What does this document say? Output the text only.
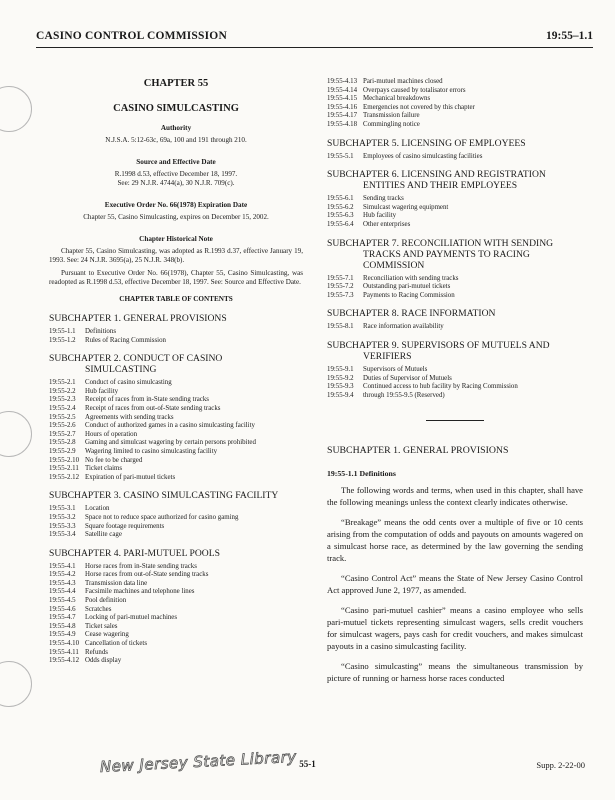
CASINO CONTROL COMMISSION	19:55–1.1
CHAPTER 55
CASINO SIMULCASTING
Authority
N.J.S.A. 5:12-63c, 69a, 100 and 191 through 210.
Source and Effective Date
R.1998 d.53, effective December 18, 1997.
See: 29 N.J.R. 4744(a), 30 N.J.R. 709(c).
Executive Order No. 66(1978) Expiration Date
Chapter 55, Casino Simulcasting, expires on December 15, 2002.
Chapter Historical Note

Chapter 55, Casino Simulcasting, was adopted as R.1993 d.37, effective January 19, 1993. See: 24 N.J.R. 3695(a), 25 N.J.R. 348(b).

Pursuant to Executive Order No. 66(1978), Chapter 55, Casino Simulcasting, was readopted as R.1998 d.53, effective December 18, 1997. See: Source and Effective Date.

CHAPTER TABLE OF CONTENTS
SUBCHAPTER 1. GENERAL PROVISIONS
19:55-1.1	Definitions
19:55-1.2	Rules of Racing Commission
SUBCHAPTER 2. CONDUCT OF CASINO
SIMULCASTING
19:55-2.1	Conduct of casino simulcasting
19:55-2.2	Hub facility
19:55-2.3	Receipt of races from in-State sending tracks
19:55-2.4	Receipt of races from out-of-State sending tracks
19:55-2.5	Agreements with sending tracks
19:55-2.6	Conduct of authorized games in a casino simulcasting facility
19:55-2.7	Hours of operation
19:55-2.8	Gaming and simulcast wagering by certain persons prohibited
19:55-2.9	Wagering limited to casino simulcasting facility
19:55-2.10 No fee to be charged
19:55-2.11 Ticket claims
19:55-2.12 Expiration of pari-mutuel tickets
SUBCHAPTER 3. CASINO SIMULCASTING FACILITY
19:55-3.1	Location
19:55-3.2	Space not to reduce space authorized for casino gaming
19:55-3.3	Square footage requirements
19:55-3.4	Satellite cage
SUBCHAPTER 4. PARI-MUTUEL POOLS
19:55-4.1	Horse races from in-State sending tracks
19:55-4.2	Horse races from out-of-State sending tracks
19:55-4.3	Transmission data line
19:55-4.4	Facsimile machines and telephone lines
19:55-4.5	Pool definition
19:55-4.6	Scratches
19:55-4.7	Locking of pari-mutuel machines
19:55-4.8	Ticket sales
19:55-4.9	Cease wagering
19:55-4.10 Cancellation of tickets
19:55-4.11 Refunds
19:55-4.12 Odds display
19:55-4.13 Pari-mutuel machines closed
19:55-4.14 Overpays caused by totalisator errors
19:55-4.15 Mechanical breakdowns
19:55-4.16 Emergencies not covered by this chapter
19:55-4.17 Transmission failure
19:55-4.18 Commingling notice
SUBCHAPTER 5. LICENSING OF EMPLOYEES
19:55-5.1	Employees of casino simulcasting facilities
SUBCHAPTER 6. LICENSING AND REGISTRATION
ENTITIES AND THEIR EMPLOYEES
19:55-6.1	Sending tracks
19:55-6.2	Simulcast wagering equipment
19:55-6.3	Hub facility
19:55-6.4	Other enterprises
SUBCHAPTER 7. RECONCILIATION WITH SENDING
TRACKS AND PAYMENTS TO RACING
COMMISSION
19:55-7.1	Reconciliation with sending tracks
19:55-7.2	Outstanding pari-mutuel tickets
19:55-7.3	Payments to Racing Commission
SUBCHAPTER 8. RACE INFORMATION
19:55-8.1	Race information availability
SUBCHAPTER 9. SUPERVISORS OF MUTUELS AND
VERIFIERS
19:55-9.1	Supervisors of Mutuels
19:55-9.2	Duties of Supervisor of Mutuels
19:55-9.3	Continued access to hub facility by Racing Commission
19:55-9.4	through 19:55-9.5 (Reserved)
SUBCHAPTER 1. GENERAL PROVISIONS
19:55-1.1 Definitions

The following words and terms, when used in this chapter, shall have the following meanings unless the context clearly indicates otherwise.

“Breakage” means the odd cents over a multiple of five or 10 cents arising from the computation of odds and payouts on amounts wagered on a simulcast horse race, as determined by the law governing the sending track.

“Casino Control Act” means the State of New Jersey Casino Control Act approved June 2, 1977, as amended.

“Casino pari-mutuel cashier” means a casino employee who sells pari-mutuel tickets representing simulcast wagers, sells credit vouchers for simulcast wagers, pays cash for credit vouchers, and makes simulcast payouts in a casino simulcasting facility.

“Casino simulcasting” means the simultaneous transmission by picture of running or harness horse races conducted

New Jersey State Library 55-1	Supp. 2-22-00
